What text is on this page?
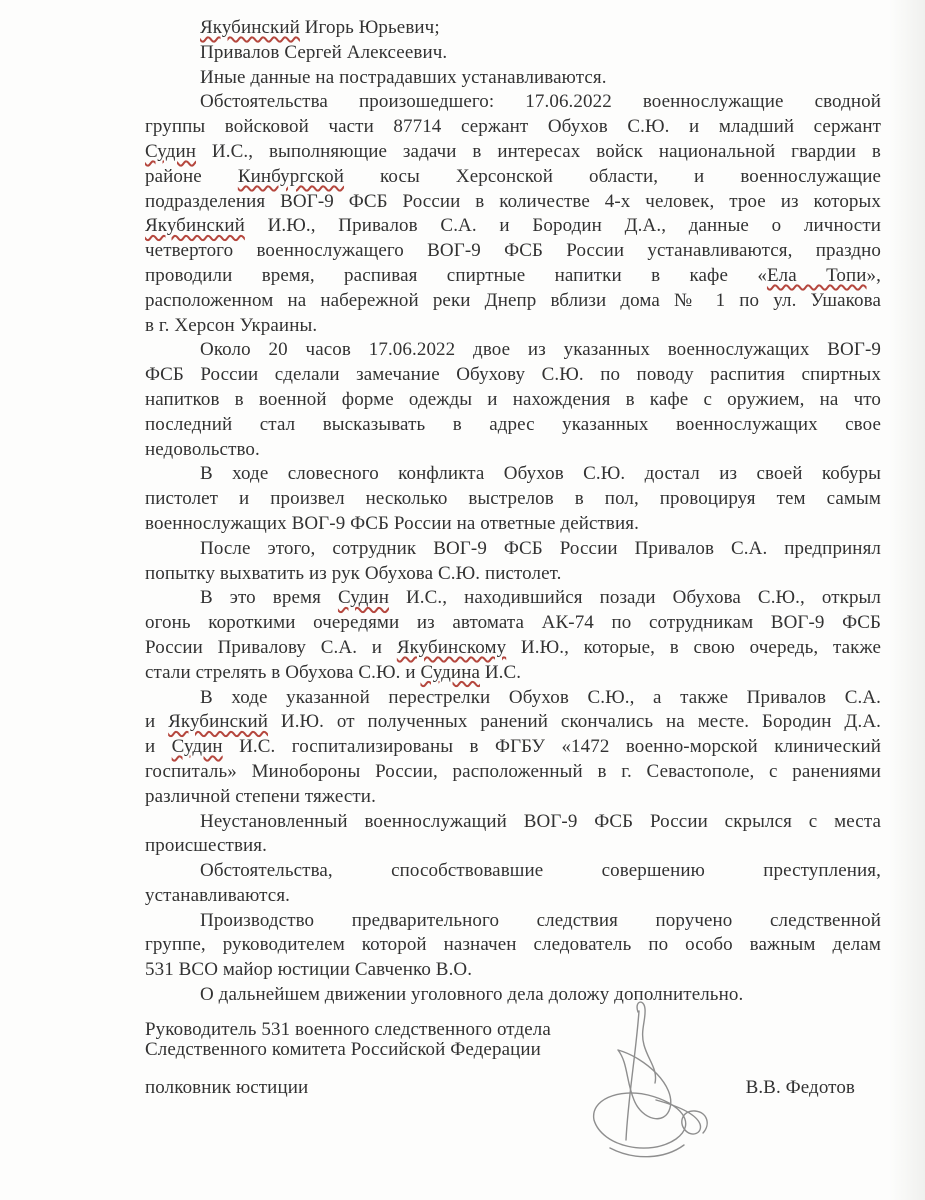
Якубинский Игорь Юрьевич;
Привалов Сергей Алексеевич.
Иные данные на пострадавших устанавливаются.
Обстоятельства произошедшего: 17.06.2022 военнослужащие сводной
группы войсковой части 87714 сержант Обухов С.Ю. и младший сержант
Судин И.С., выполняющие задачи в интересах войск национальной гвардии в
районе Кинбургской косы Херсонской области, и военнослужащие
подразделения ВОГ-9 ФСБ России в количестве 4-х человек, трое из которых
Якубинский И.Ю., Привалов С.А. и Бородин Д.А., данные о личности
четвертого военнослужащего ВОГ-9 ФСБ России устанавливаются, праздно
проводили время, распивая спиртные напитки в кафе «Ела Топи»,
расположенном на набережной реки Днепр вблизи дома № 1 по ул. Ушакова
в г. Херсон Украины.
Около 20 часов 17.06.2022 двое из указанных военнослужащих ВОГ-9
ФСБ России сделали замечание Обухову С.Ю. по поводу распития спиртных
напитков в военной форме одежды и нахождения в кафе с оружием, на что
последний стал высказывать в адрес указанных военнослужащих свое
недовольство.
В ходе словесного конфликта Обухов С.Ю. достал из своей кобуры
пистолет и произвел несколько выстрелов в пол, провоцируя тем самым
военнослужащих ВОГ-9 ФСБ России на ответные действия.
После этого, сотрудник ВОГ-9 ФСБ России Привалов С.А. предпринял
попытку выхватить из рук Обухова С.Ю. пистолет.
В это время Судин И.С., находившийся позади Обухова С.Ю., открыл
огонь короткими очередями из автомата АК-74 по сотрудникам ВОГ-9 ФСБ
России Привалову С.А. и Якубинскому И.Ю., которые, в свою очередь, также
стали стрелять в Обухова С.Ю. и Судина И.С.
В ходе указанной перестрелки Обухов С.Ю., а также Привалов С.А.
и Якубинский И.Ю. от полученных ранений скончались на месте. Бородин Д.А.
и Судин И.С. госпитализированы в ФГБУ «1472 военно-морской клинический
госпиталь» Минобороны России, расположенный в г. Севастополе, с ранениями
различной степени тяжести.
Неустановленный военнослужащий ВОГ-9 ФСБ России скрылся с места
происшествия.
Обстоятельства, способствовавшие совершению преступления,
устанавливаются.
Производство предварительного следствия поручено следственной
группе, руководителем которой назначен следователь по особо важным делам
531 ВСО майор юстиции Савченко В.О.
О дальнейшем движении уголовного дела доложу дополнительно.
Руководитель 531 военного следственного отдела
Следственного комитета Российской Федерации
полковник юстиции	В.В. Федотов
